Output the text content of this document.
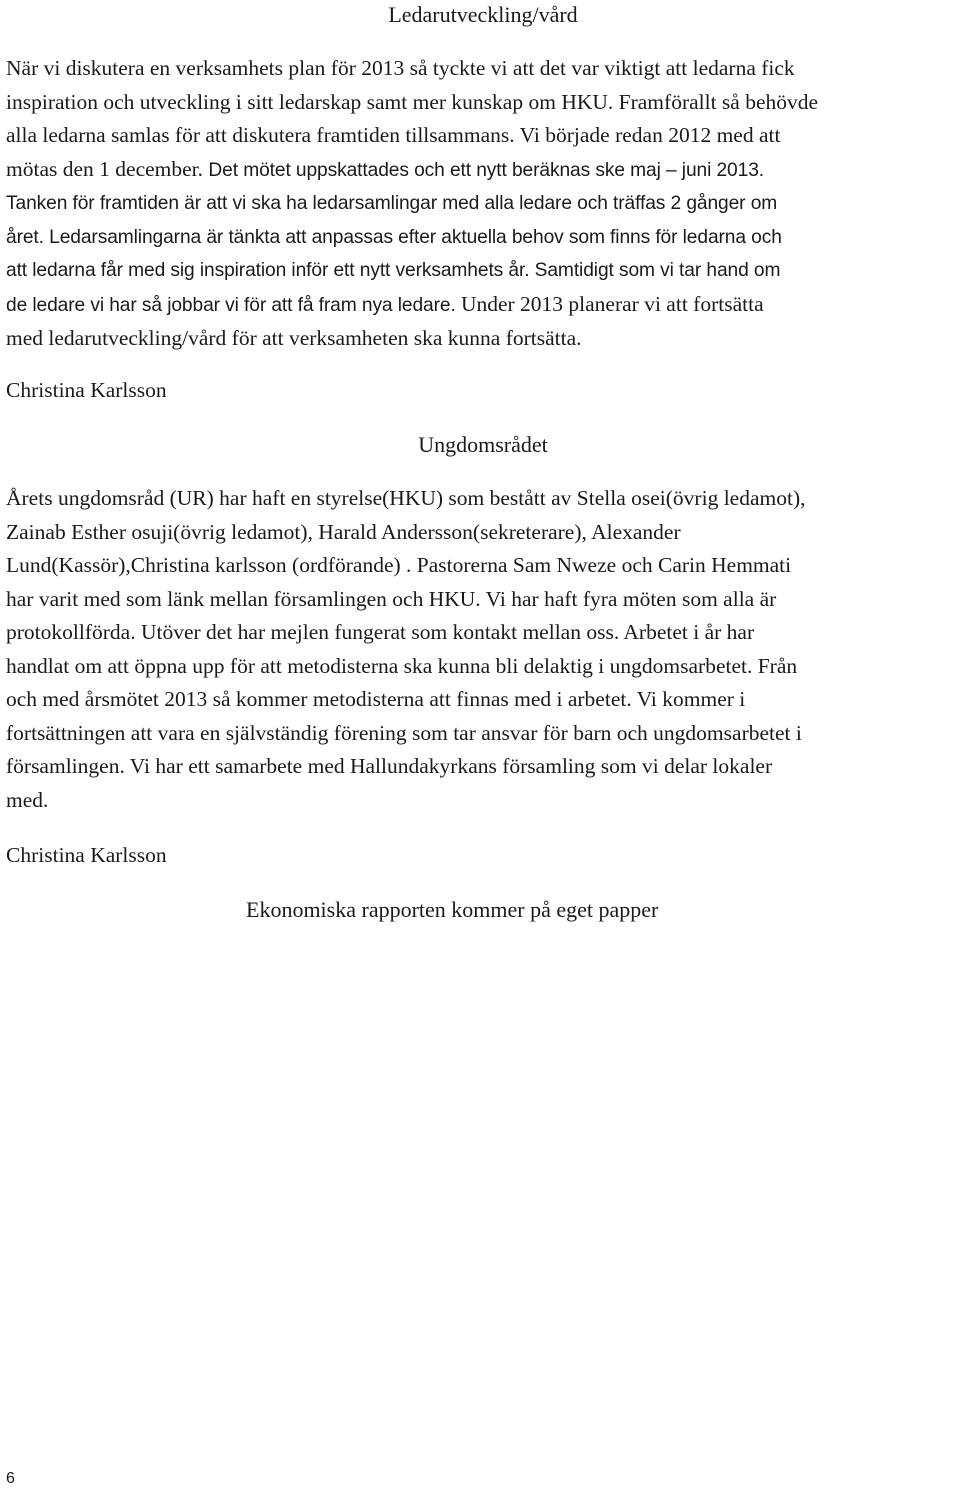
Ledarutveckling/vård
När vi diskutera en verksamhets plan för 2013 så tyckte vi att det var viktigt att ledarna fick
inspiration och utveckling i sitt ledarskap samt mer kunskap om HKU. Framförallt så behövde
alla ledarna samlas för att diskutera framtiden tillsammans. Vi började redan 2012 med att
mötas den 1 december. Det mötet uppskattades och ett nytt beräknas ske maj – juni 2013.
Tanken för framtiden är att vi ska ha ledarsamlingar med alla ledare och träffas 2 gånger om
året. Ledarsamlingarna är tänkta att anpassas efter aktuella behov som finns för ledarna och
att ledarna får med sig inspiration inför ett nytt verksamhets år. Samtidigt som vi tar hand om
de ledare vi har så jobbar vi för att få fram nya ledare. Under 2013 planerar vi att fortsätta
med ledarutveckling/vård för att verksamheten ska kunna fortsätta.

Christina Karlsson

Ungdomsrådet
Årets ungdomsråd (UR) har haft en styrelse(HKU) som bestått av Stella osei(övrig ledamot),
Zainab Esther osuji(övrig ledamot), Harald Andersson(sekreterare), Alexander
Lund(Kassör),Christina karlsson (ordförande) . Pastorerna Sam Nweze och Carin Hemmati
har varit med som länk mellan församlingen och HKU. Vi har haft fyra möten som alla är
protokollförda. Utöver det har mejlen fungerat som kontakt mellan oss. Arbetet i år har
handlat om att öppna upp för att metodisterna ska kunna bli delaktig i ungdomsarbetet. Från
och med årsmötet 2013 så kommer metodisterna att finnas med i arbetet. Vi kommer i
fortsättningen att vara en självständig förening som tar ansvar för barn och ungdomsarbetet i
församlingen. Vi har ett samarbete med Hallundakyrkans församling som vi delar lokaler
med.

Christina Karlsson

Ekonomiska rapporten kommer på eget papper

6
